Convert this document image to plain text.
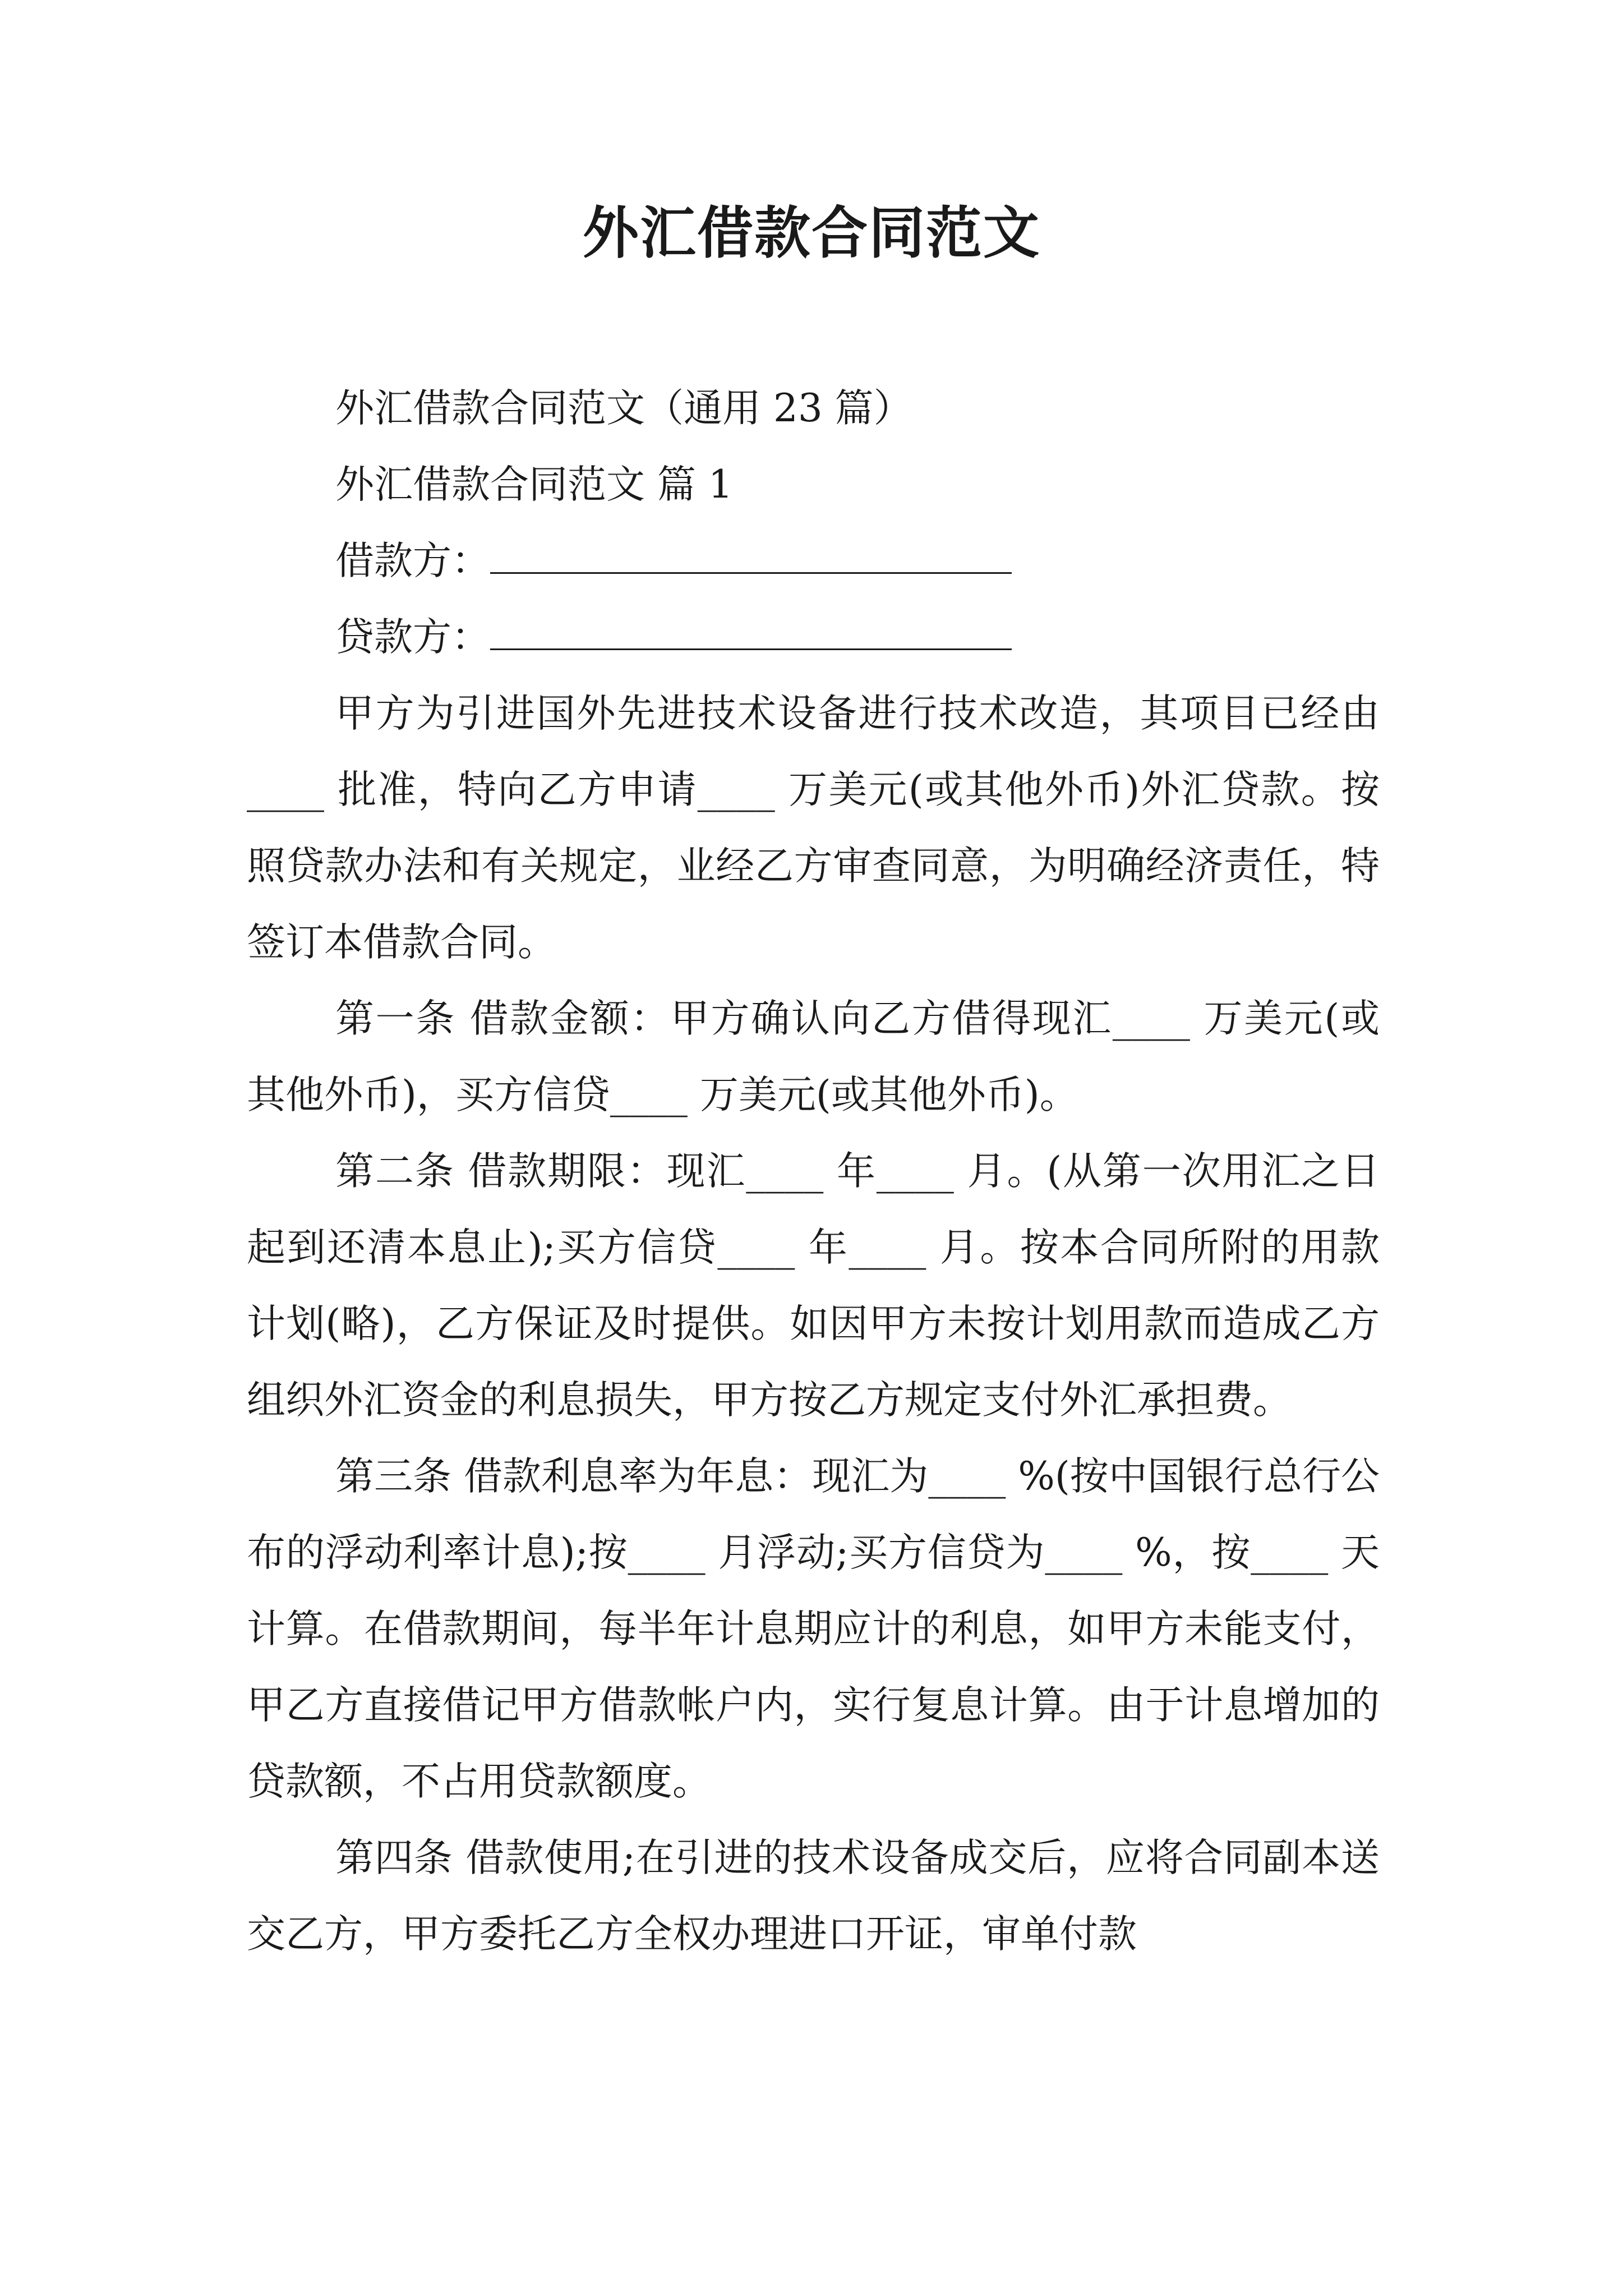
外汇借款合同范文
外汇借款合同范文（通用 23 篇）
外汇借款合同范文 篇 1
借款方：
贷款方：

甲方为引进国外先进技术设备进行技术改造，其项目已经由____ 批准，特向乙方申请____ 万美元(或其他外币)外汇贷款。按照贷款办法和有关规定，业经乙方审查同意，为明确经济责任，特签订本借款合同。

第一条 借款金额：甲方确认向乙方借得现汇____ 万美元(或其他外币)，买方信贷____ 万美元(或其他外币)。

第二条 借款期限：现汇____ 年____ 月。(从第一次用汇之日起到还清本息止);买方信贷____ 年____ 月。按本合同所附的用款计划(略)，乙方保证及时提供。如因甲方未按计划用款而造成乙方组织外汇资金的利息损失，甲方按乙方规定支付外汇承担费。

第三条 借款利息率为年息：现汇为____ %(按中国银行总行公布的浮动利率计息);按____ 月浮动;买方信贷为____ %，按____ 天计算。在借款期间，每半年计息期应计的利息，如甲方未能支付，甲乙方直接借记甲方借款帐户内，实行复息计算。由于计息增加的贷款额，不占用贷款额度。

第四条 借款使用;在引进的技术设备成交后，应将合同副本送交乙方，甲方委托乙方全权办理进口开证，审单付款
